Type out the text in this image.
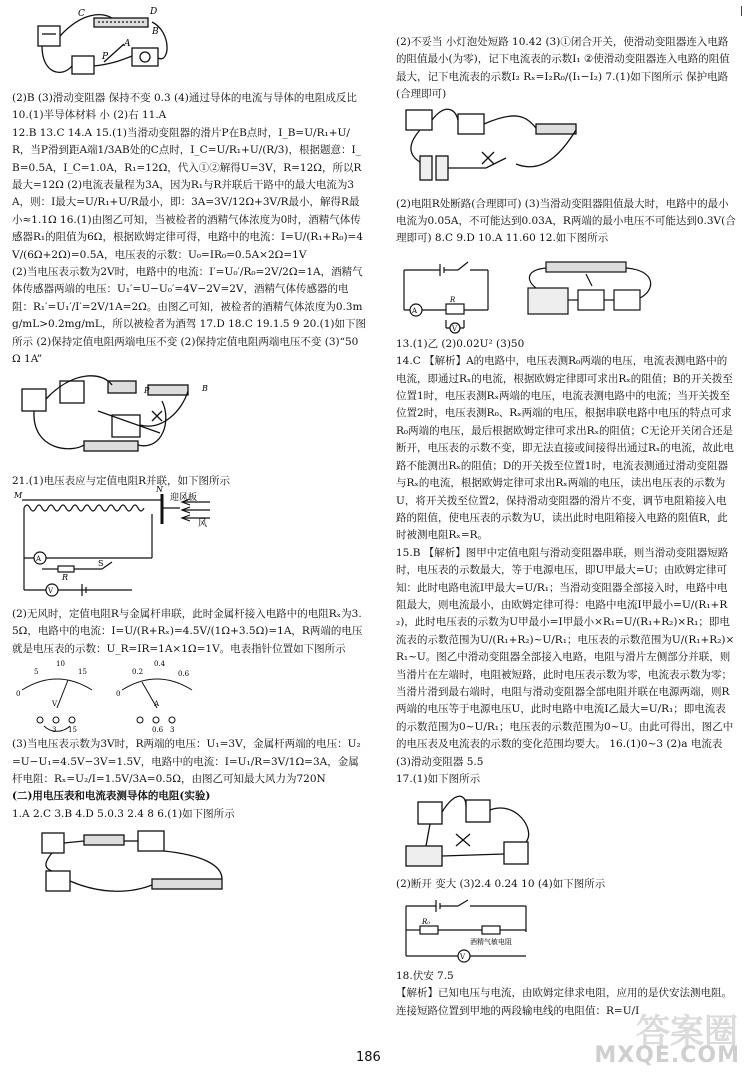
C	D
A
B
P

(2)B (3)滑动变阻器 保持不变 0.3 (4)通过导体的电流与导体的电阻成反比 10.(1)半导体材料 小 (2)右 11.A

12.B 13.C 14.A 15.(1)当滑动变阻器的滑片P在B点时，I_B=U/R₁+U/R，当P滑到距A端1/3AB处的C点时，I_C=U/R₁+U/(R/3)，根据题意：I_B=0.5A，I_C=1.0A，R₁=12Ω，代入①②解得U=3V，R=12Ω，所以R最大=12Ω (2)电流表量程为3A，因为R₁与R并联后干路中的最大电流为3A，则：I最大=U/R₁+U/R最小，即：3A=3V/12Ω+3V/R最小，解得R最小≈1.1Ω 16.(1)由图乙可知，当被检者的酒精气体浓度为0时，酒精气体传感器R₁的阻值为6Ω，根据欧姆定律可得，电路中的电流：I=U/(R₁+R₀)=4V/(6Ω+2Ω)=0.5A，电压表的示数：U₀=IR₀=0.5A×2Ω=1V

(2)当电压表示数为2V时，电路中的电流：I′=U₀′/R₀=2V/2Ω=1A，酒精气体传感器两端的电压：U₁′=U−U₀′=4V−2V=2V，酒精气体传感器的电阻：R₁′=U₁′/I′=2V/1A=2Ω。由图乙可知，被检者的酒精气体浓度为0.3mg/mL>0.2mg/mL，所以被检者为酒驾 17.D 18.C 19.1.5 9 20.(1)如下图所示 (2)保持定值电阻两端电压不变 (2)保持定值电阻两端电压不变 (3)“50Ω 1A”

B
P

21.(1)电压表应与定值电阻R并联，如下图所示

M
N
A
V
R
S
迎风板
风

(2)无风时，定值电阻R与金属杆串联，此时金属杆接入电路中的电阻Rₓ为3.5Ω，电路中的电流：I=U/(R+Rₓ)=4.5V/(1Ω+3.5Ω)=1A，R两端的电压就是电压表的示数：U_R=IR=1A×1Ω=1V。电表指针位置如下图所示

0
5
10
15
0
0.2
0.4
0.6
V	A
3 15	0.6 3

(3)当电压表示数为3V时，R两端的电压：U₁=3V，金属杆两端的电压：U₂=U−U₁=4.5V−3V=1.5V，电路中的电流：I=U₁/R=3V/1Ω=3A，金属杆电阻：Rₓ=U₂/I=1.5V/3A=0.5Ω，由图乙可知最大风力为720N

(二)用电压表和电流表测导体的电阻(实验)

1.A 2.C 3.B 4.D 5.0.3 2.4 8 6.(1)如下图所示

(2)不妥当 小灯泡处短路 10.42 (3)①闭合开关，使滑动变阻器连入电路的阻值最小(为零)，记下电流表的示数I₁ ②使滑动变阻器连入电路的阻值最大，记下电流表的示数I₂ Rₓ=I₂R₀/(I₁−I₂) 7.(1)如下图所示 保护电路(合理即可)

(2)电阻R处断路(合理即可) (3)当滑动变阻器阻值最大时，电路中的最小电流为0.05A，不可能达到0.03A，R两端的最小电压不可能达到0.3V(合理即可) 8.C 9.D 10.A 11.60 12.如下图所示

A
V
R

13.(1)乙 (2)0.02U² (3)50

14.C 【解析】A的电路中，电压表测R₀两端的电压，电流表测电路中的电流，即通过Rₓ的电流，根据欧姆定律即可求出Rₓ的阻值；B的开关拨至位置1时，电压表测Rₓ两端的电压，电流表测电路中的电流；当开关拨至位置2时，电压表测R₀、Rₓ两端的电压，根据串联电路中电压的特点可求R₀两端的电压，最后根据欧姆定律可求出Rₓ的阻值；C无论开关闭合还是断开，电压表的示数不变，即无法直接或间接得出通过Rₓ的电流，故此电路不能测出Rₓ的阻值；D的开关拨至位置1时，电流表测通过滑动变阻器与Rₓ的电流，根据欧姆定律可求出Rₓ两端的电压，读出电压表的示数为U，将开关拨至位置2，保持滑动变阻器的滑片不变，调节电阻箱接入电路的阻值，使电压表的示数为U，读出此时电阻箱接入电路的阻值R，此时被测电阻Rₓ=R。

15.B 【解析】图甲中定值电阻与滑动变阻器串联，则当滑动变阻器短路时，电压表的示数最大，等于电源电压，即U甲最大=U；由欧姆定律可知：此时电路电流I甲最大=U/R₁；当滑动变阻器全部接入时，电路中电阻最大，则电流最小，由欧姆定律可得：电路中电流I甲最小=U/(R₁+R₂)，此时电压表的示数为U甲最小=I甲最小×R₁=U/(R₁+R₂)×R₁；即电流表的示数范围为U/(R₁+R₂)~U/R₁；电压表的示数范围为U/(R₁+R₂)×R₁~U。图乙中滑动变阻器全部接入电路，电阻与滑片左侧部分并联，则当滑片在左端时，电阻被短路，此时电压表示数为零，电流表示数为零；当滑片滑到最右端时，电阻与滑动变阻器全部电阻并联在电源两端，则R两端的电压等于电源电压U，此时电路中电流I乙最大=U/R₁；即电流表的示数范围为0~U/R₁；电压表的示数范围为0~U。由此可得出，图乙中的电压表及电流表的示数的变化范围均要大。 16.(1)0~3 (2)a 电流表 (3)滑动变阻器 5.5

17.(1)如下图所示

(2)断开 变大 (3)2.4 0.24 10 (4)如下图所示

R₀
V
酒精气敏电阻

18.伏安 7.5

【解析】已知电压与电流，由欧姆定律求电阻，应用的是伏安法测电阻。连接短路位置到甲地的两段输电线的电阻值：R=U/I

186
答案圈
MXQE.COM
